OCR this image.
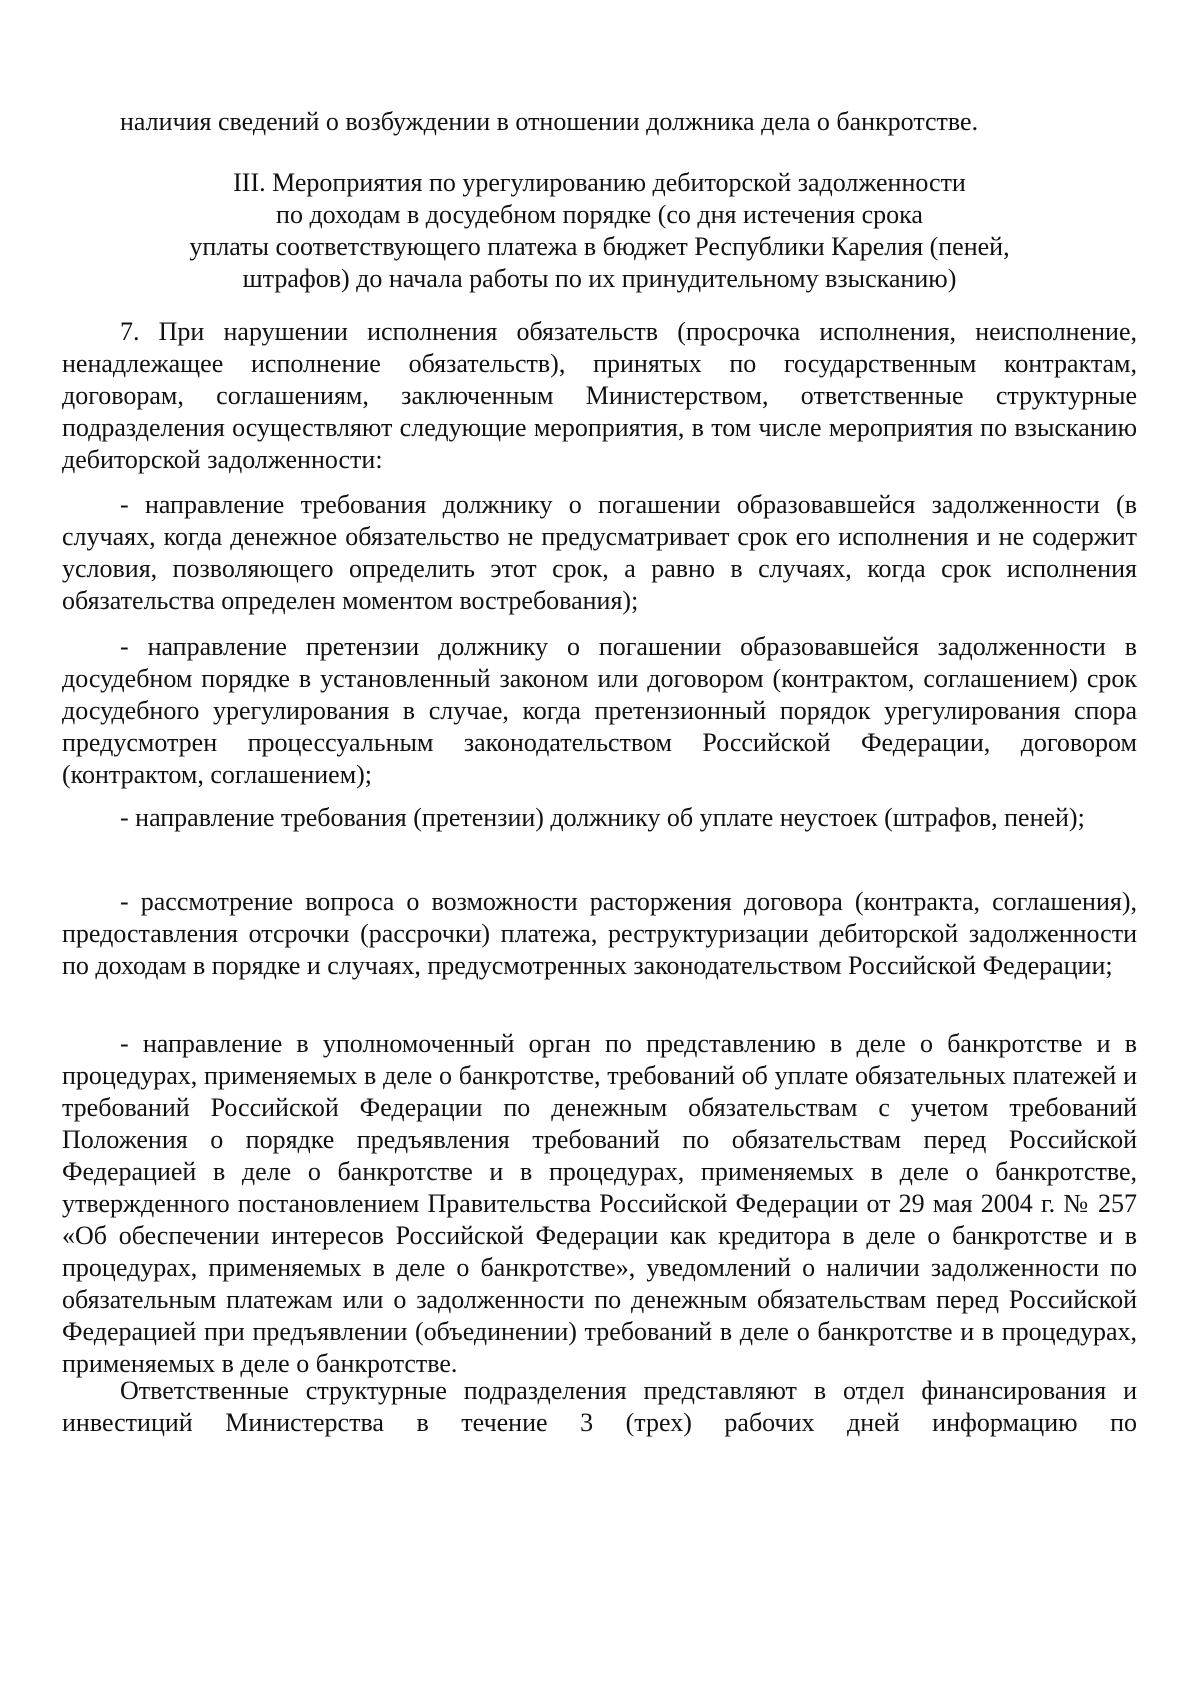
наличия сведений о возбуждении в отношении должника дела о банкротстве.

III. Мероприятия по урегулированию дебиторской задолженности
по доходам в досудебном порядке (со дня истечения срока
уплаты соответствующего платежа в бюджет Республики Карелия (пеней,
штрафов) до начала работы по их принудительному взысканию)

7. При нарушении исполнения обязательств (просрочка исполнения, неисполнение, ненадлежащее исполнение обязательств), принятых по государственным контрактам, договорам, соглашениям, заключенным Министерством, ответственные структурные подразделения осуществляют следующие мероприятия, в том числе мероприятия по взысканию дебиторской задолженности:

- направление требования должнику о погашении образовавшейся задолженности (в случаях, когда денежное обязательство не предусматривает срок его исполнения и не содержит условия, позволяющего определить этот срок, а равно в случаях, когда срок исполнения обязательства определен моментом востребования);

- направление претензии должнику о погашении образовавшейся задолженности в досудебном порядке в установленный законом или договором (контрактом, соглашением) срок досудебного урегулирования в случае, когда претензионный порядок урегулирования спора предусмотрен процессуальным законодательством Российской Федерации, договором (контрактом, соглашением);

- направление требования (претензии) должнику об уплате неустоек (штрафов, пеней);

- рассмотрение вопроса о возможности расторжения договора (контракта, соглашения), предоставления отсрочки (рассрочки) платежа, реструктуризации дебиторской задолженности по доходам в порядке и случаях, предусмотренных законодательством Российской Федерации;

- направление в уполномоченный орган по представлению в деле о банкротстве и в процедурах, применяемых в деле о банкротстве, требований об уплате обязательных платежей и требований Российской Федерации по денежным обязательствам с учетом требований Положения о порядке предъявления требований по обязательствам перед Российской Федерацией в деле о банкротстве и в процедурах, применяемых в деле о банкротстве, утвержденного постановлением Правительства Российской Федерации от 29 мая 2004 г. № 257 «Об обеспечении интересов Российской Федерации как кредитора в деле о банкротстве и в процедурах, применяемых в деле о банкротстве», уведомлений о наличии задолженности по обязательным платежам или о задолженности по денежным обязательствам перед Российской Федерацией при предъявлении (объединении) требований в деле о банкротстве и в процедурах, применяемых в деле о банкротстве.

Ответственные структурные подразделения представляют в отдел финансирования и инвестиций Министерства в течение 3 (трех) рабочих дней информацию по
